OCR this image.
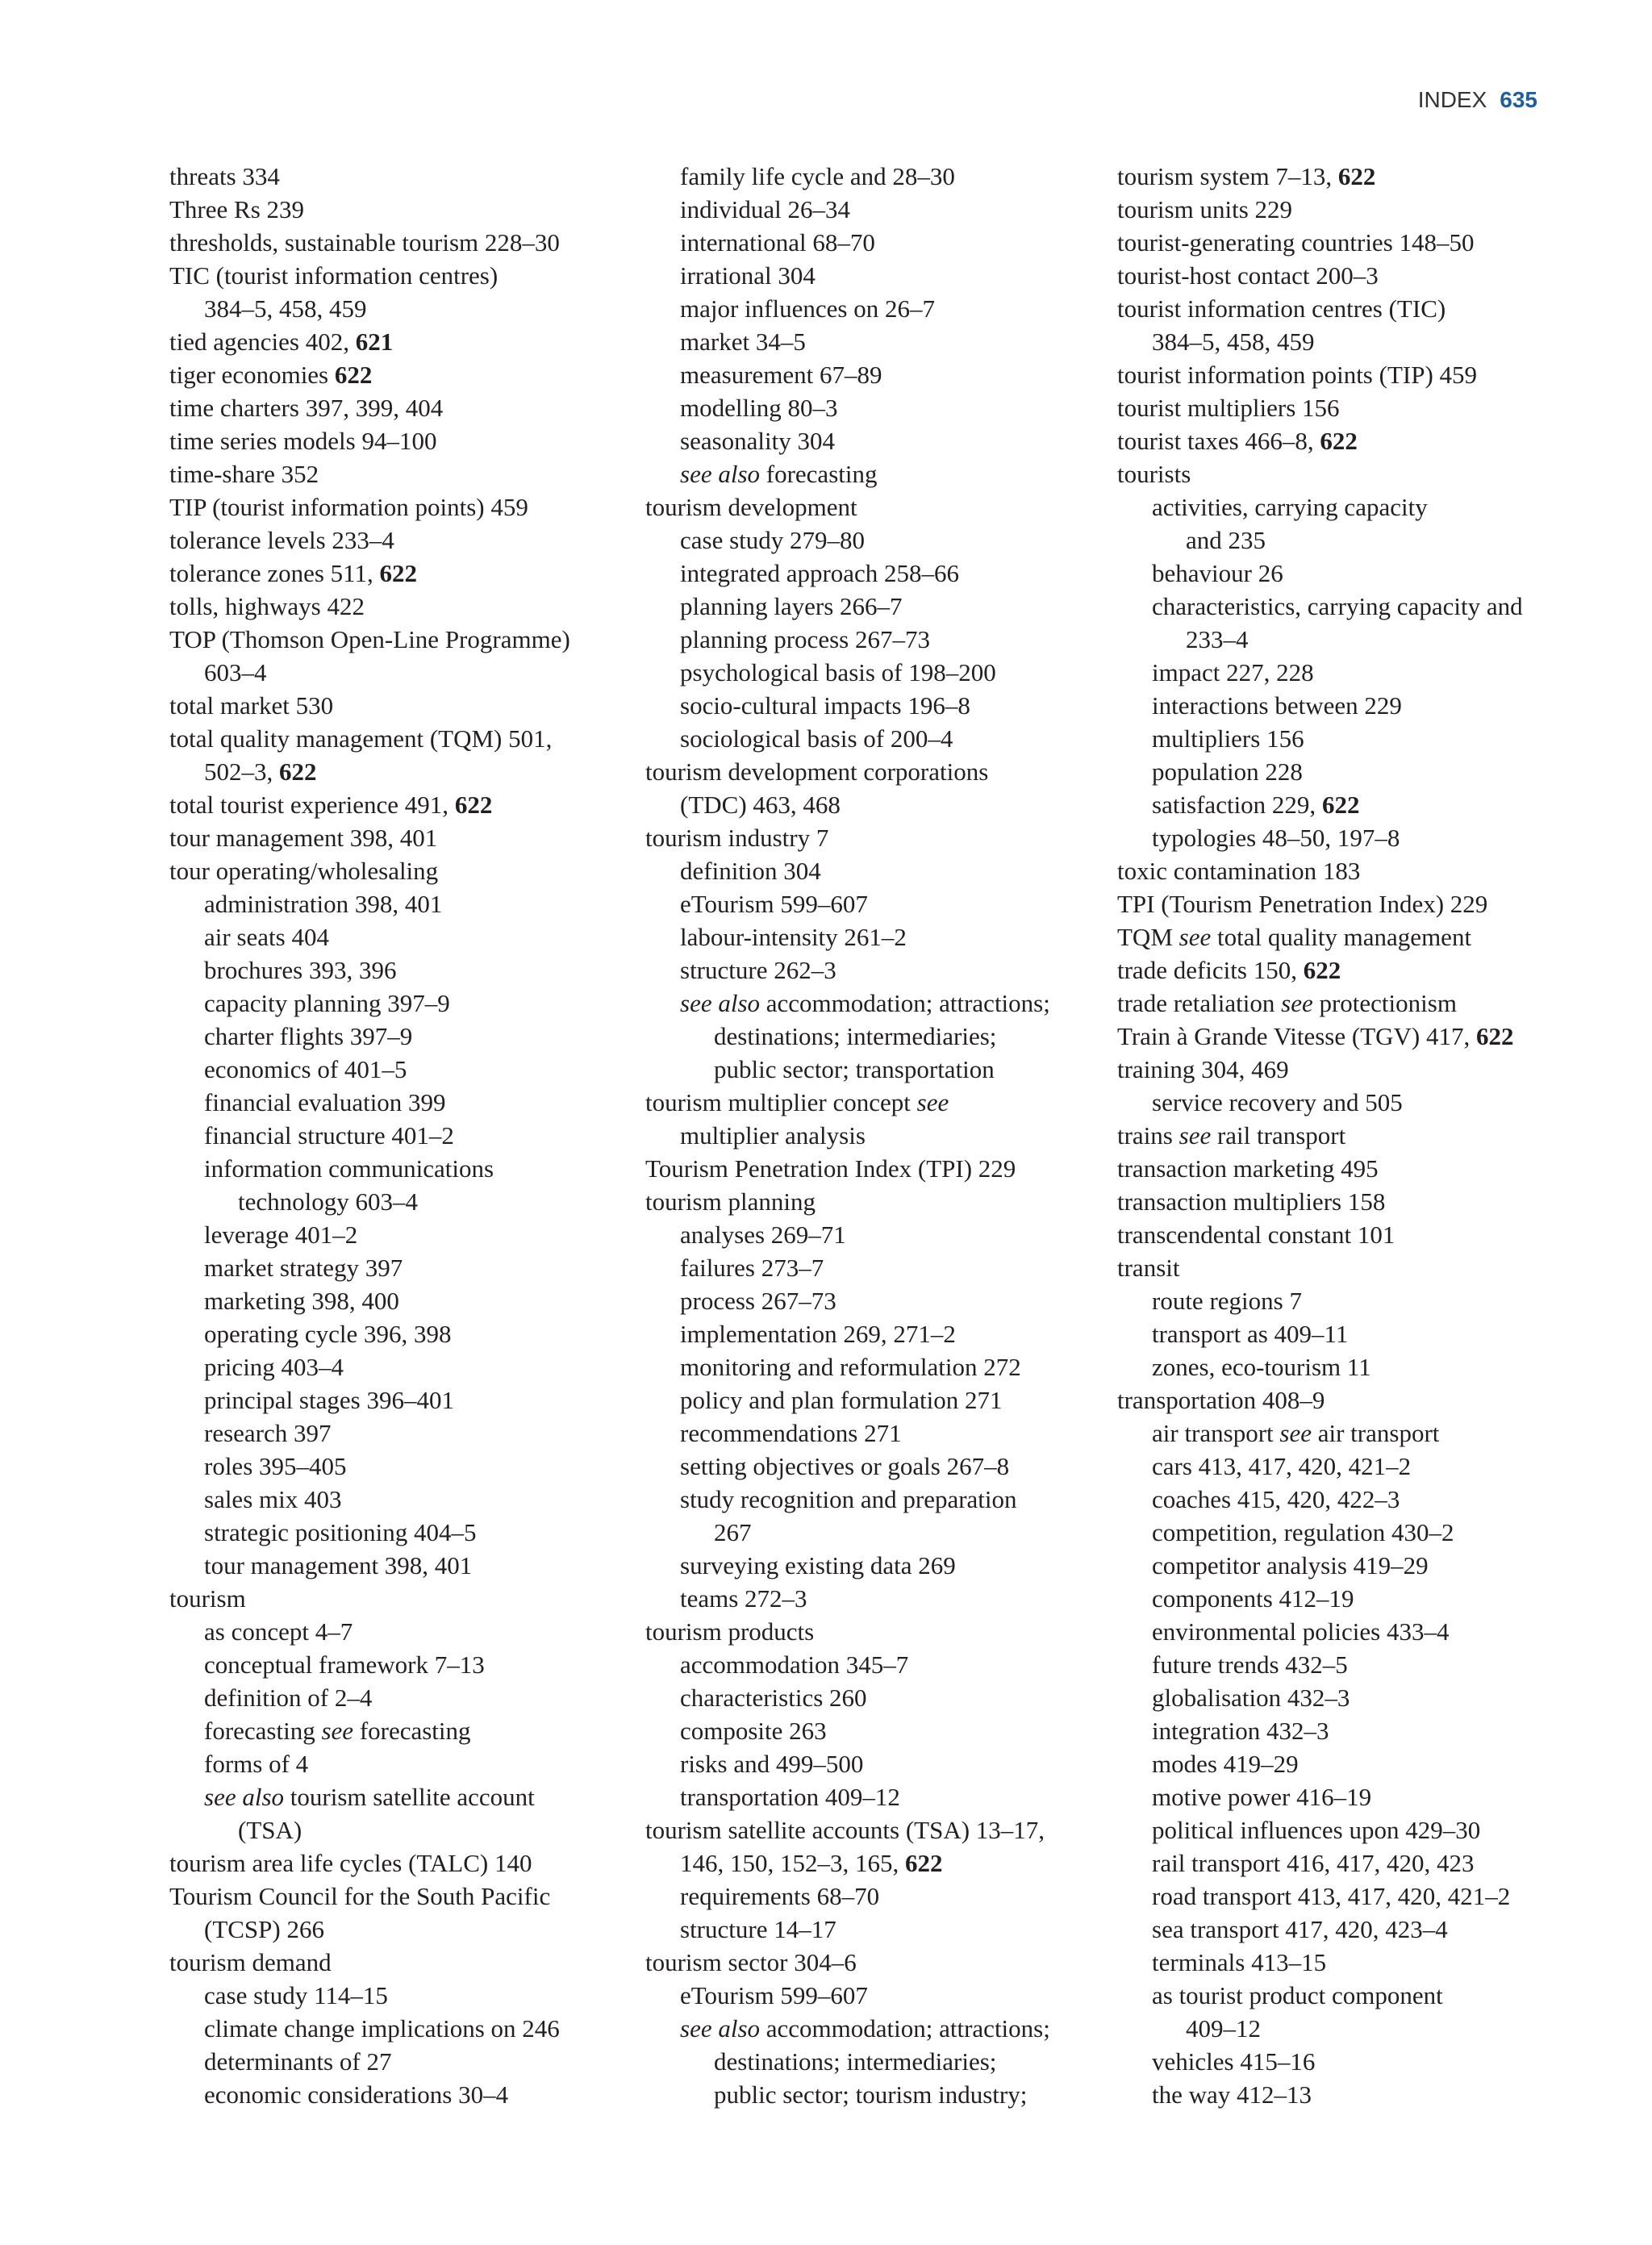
INDEX 635
threats 334
Three Rs 239
thresholds, sustainable tourism 228–30
TIC (tourist information centres)
384–5, 458, 459
tied agencies 402, 621
tiger economies 622
time charters 397, 399, 404
time series models 94–100
time-share 352
TIP (tourist information points) 459
tolerance levels 233–4
tolerance zones 511, 622
tolls, highways 422
TOP (Thomson Open-Line Programme)
603–4
total market 530
total quality management (TQM) 501,
502–3, 622
total tourist experience 491, 622
tour management 398, 401
tour operating/wholesaling
administration 398, 401
air seats 404
brochures 393, 396
capacity planning 397–9
charter flights 397–9
economics of 401–5
financial evaluation 399
financial structure 401–2
information communications
technology 603–4
leverage 401–2
market strategy 397
marketing 398, 400
operating cycle 396, 398
pricing 403–4
principal stages 396–401
research 397
roles 395–405
sales mix 403
strategic positioning 404–5
tour management 398, 401
tourism
as concept 4–7
conceptual framework 7–13
definition of 2–4
forecasting see forecasting
forms of 4
see also tourism satellite account
(TSA)
tourism area life cycles (TALC) 140
Tourism Council for the South Pacific
(TCSP) 266
tourism demand
case study 114–15
climate change implications on 246
determinants of 27
economic considerations 30–4
family life cycle and 28–30
individual 26–34
international 68–70
irrational 304
major influences on 26–7
market 34–5
measurement 67–89
modelling 80–3
seasonality 304
see also forecasting
tourism development
case study 279–80
integrated approach 258–66
planning layers 266–7
planning process 267–73
psychological basis of 198–200
socio-cultural impacts 196–8
sociological basis of 200–4
tourism development corporations
(TDC) 463, 468
tourism industry 7
definition 304
eTourism 599–607
labour-intensity 261–2
structure 262–3
see also accommodation; attractions;
destinations; intermediaries;
public sector; transportation
tourism multiplier concept see
multiplier analysis
Tourism Penetration Index (TPI) 229
tourism planning
analyses 269–71
failures 273–7
process 267–73
implementation 269, 271–2
monitoring and reformulation 272
policy and plan formulation 271
recommendations 271
setting objectives or goals 267–8
study recognition and preparation
267
surveying existing data 269
teams 272–3
tourism products
accommodation 345–7
characteristics 260
composite 263
risks and 499–500
transportation 409–12
tourism satellite accounts (TSA) 13–17,
146, 150, 152–3, 165, 622
requirements 68–70
structure 14–17
tourism sector 304–6
eTourism 599–607
see also accommodation; attractions;
destinations; intermediaries;
public sector; tourism industry;
tourism system 7–13, 622
tourism units 229
tourist-generating countries 148–50
tourist-host contact 200–3
tourist information centres (TIC)
384–5, 458, 459
tourist information points (TIP) 459
tourist multipliers 156
tourist taxes 466–8, 622
tourists
activities, carrying capacity
and 235
behaviour 26
characteristics, carrying capacity and
233–4
impact 227, 228
interactions between 229
multipliers 156
population 228
satisfaction 229, 622
typologies 48–50, 197–8
toxic contamination 183
TPI (Tourism Penetration Index) 229
TQM see total quality management
trade deficits 150, 622
trade retaliation see protectionism
Train à Grande Vitesse (TGV) 417, 622
training 304, 469
service recovery and 505
trains see rail transport
transaction marketing 495
transaction multipliers 158
transcendental constant 101
transit
route regions 7
transport as 409–11
zones, eco-tourism 11
transportation 408–9
air transport see air transport
cars 413, 417, 420, 421–2
coaches 415, 420, 422–3
competition, regulation 430–2
competitor analysis 419–29
components 412–19
environmental policies 433–4
future trends 432–5
globalisation 432–3
integration 432–3
modes 419–29
motive power 416–19
political influences upon 429–30
rail transport 416, 417, 420, 423
road transport 413, 417, 420, 421–2
sea transport 417, 420, 423–4
terminals 413–15
as tourist product component
409–12
vehicles 415–16
the way 412–13
